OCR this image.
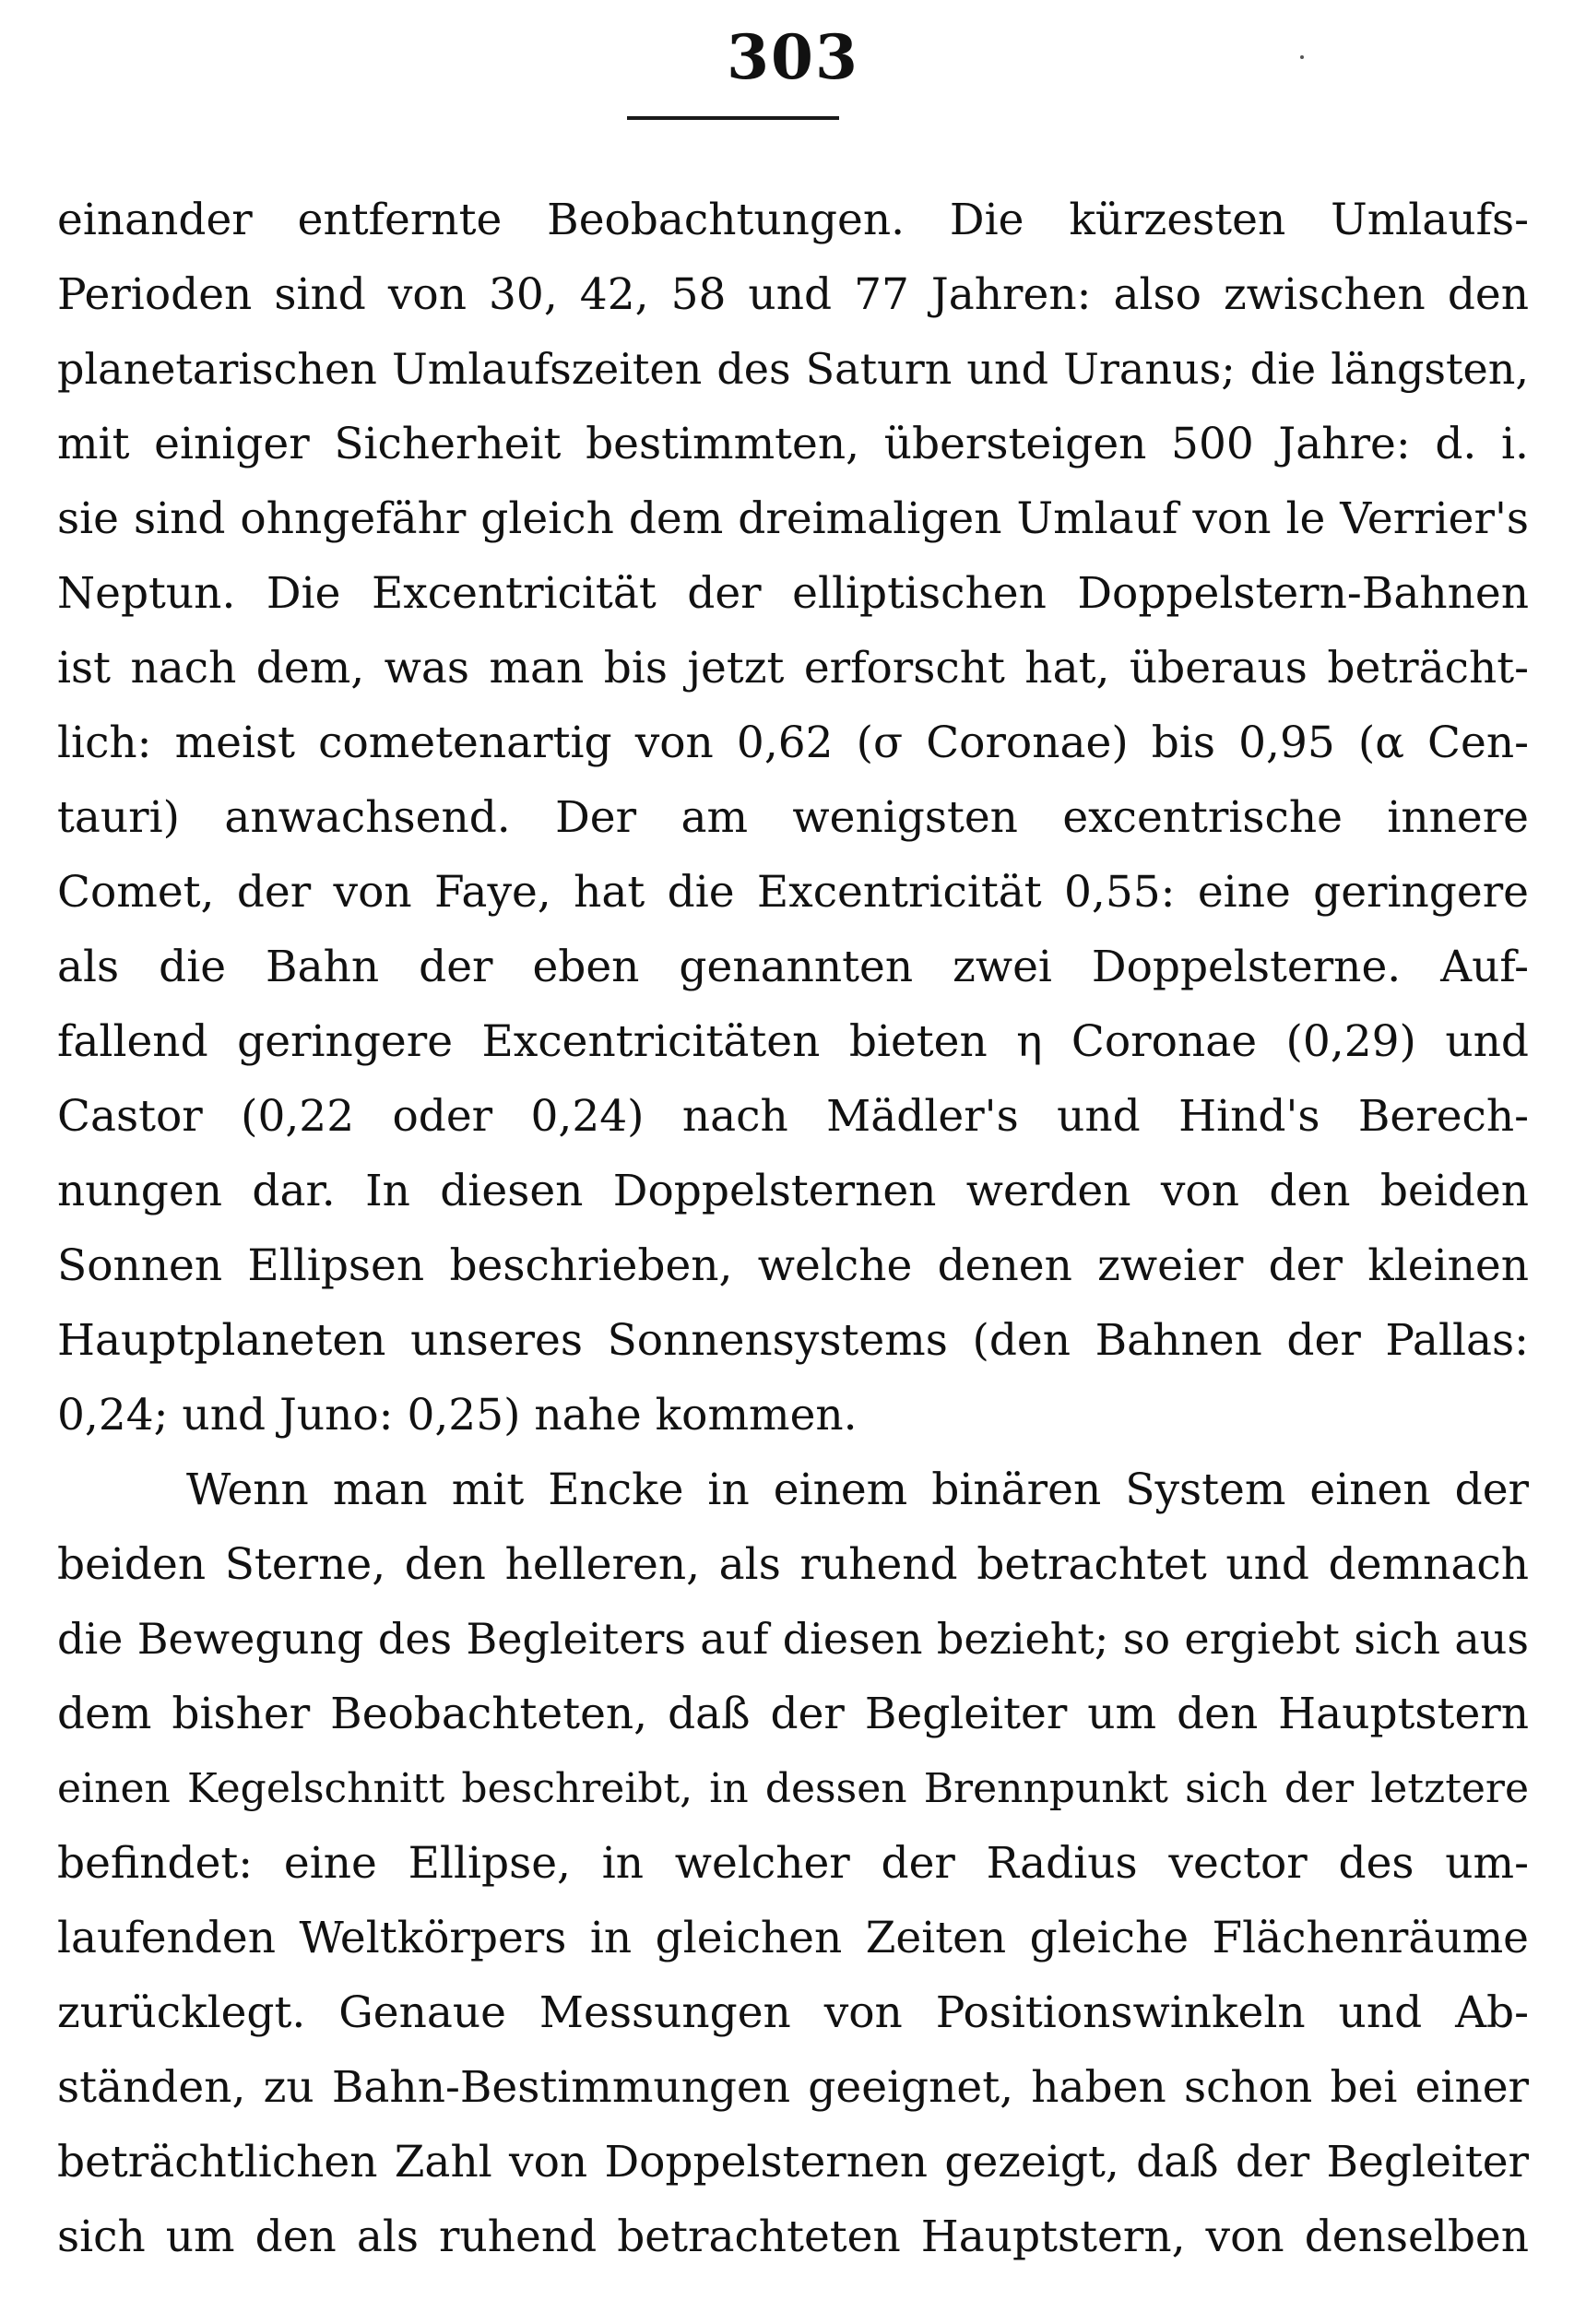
303
einander entfernte Beobachtungen. Die kürzesten Umlaufs-
Perioden sind von 30, 42, 58 und 77 Jahren: also zwischen den
planetarischen Umlaufszeiten des Saturn und Uranus; die längsten,
mit einiger Sicherheit bestimmten, übersteigen 500 Jahre: d. i.
sie sind ohngefähr gleich dem dreimaligen Umlauf von le Verrier's
Neptun. Die Excentricität der elliptischen Doppelstern-Bahnen
ist nach dem, was man bis jetzt erforscht hat, überaus beträcht-
lich: meist cometenartig von 0,62 (σ Coronae) bis 0,95 (α Cen-
tauri) anwachsend. Der am wenigsten excentrische innere
Comet, der von Faye, hat die Excentricität 0,55: eine geringere
als die Bahn der eben genannten zwei Doppelsterne. Auf-
fallend geringere Excentricitäten bieten η Coronae (0,29) und
Castor (0,22 oder 0,24) nach Mädler's und Hind's Berech-
nungen dar. In diesen Doppelsternen werden von den beiden
Sonnen Ellipsen beschrieben, welche denen zweier der kleinen
Hauptplaneten unseres Sonnensystems (den Bahnen der Pallas:
0,24; und Juno: 0,25) nahe kommen.
Wenn man mit Encke in einem binären System einen der
beiden Sterne, den helleren, als ruhend betrachtet und demnach
die Bewegung des Begleiters auf diesen bezieht; so ergiebt sich aus
dem bisher Beobachteten, daß der Begleiter um den Hauptstern
einen Kegelschnitt beschreibt, in dessen Brennpunkt sich der letztere
befindet: eine Ellipse, in welcher der Radius vector des um-
laufenden Weltkörpers in gleichen Zeiten gleiche Flächenräume
zurücklegt. Genaue Messungen von Positionswinkeln und Ab-
ständen, zu Bahn-Bestimmungen geeignet, haben schon bei einer
beträchtlichen Zahl von Doppelsternen gezeigt, daß der Begleiter
sich um den als ruhend betrachteten Hauptstern, von denselben
